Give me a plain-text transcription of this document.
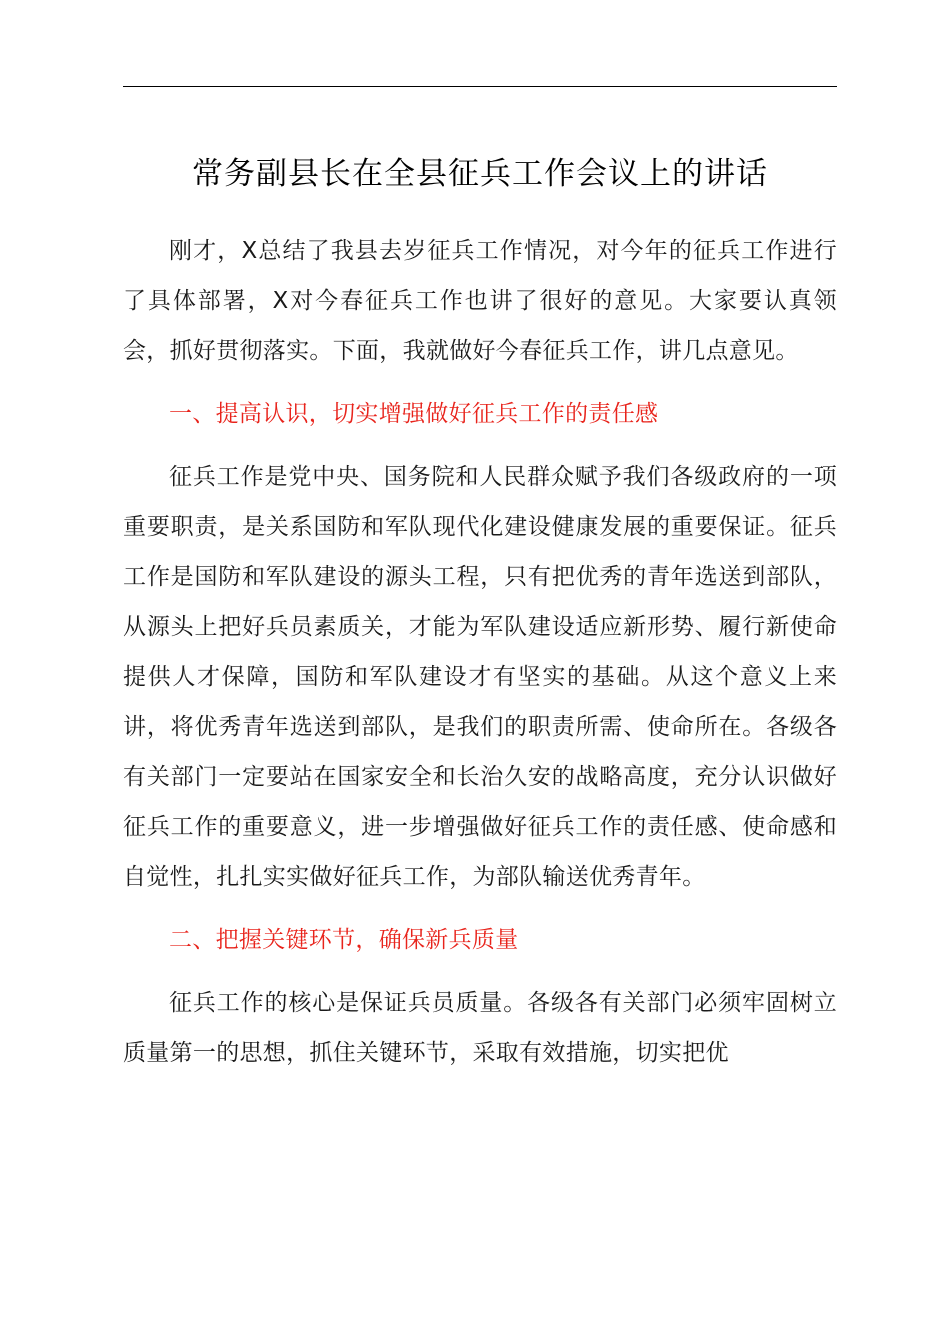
常务副县长在全县征兵工作会议上的讲话

刚才，X总结了我县去岁征兵工作情况，对今年的征兵工作进行了具体部署，X对今春征兵工作也讲了很好的意见。大家要认真领会，抓好贯彻落实。下面，我就做好今春征兵工作，讲几点意见。

一、提高认识，切实增强做好征兵工作的责任感

征兵工作是党中央、国务院和人民群众赋予我们各级政府的一项重要职责，是关系国防和军队现代化建设健康发展的重要保证。征兵工作是国防和军队建设的源头工程，只有把优秀的青年选送到部队，从源头上把好兵员素质关，才能为军队建设适应新形势、履行新使命提供人才保障，国防和军队建设才有坚实的基础。从这个意义上来讲，将优秀青年选送到部队，是我们的职责所需、使命所在。各级各有关部门一定要站在国家安全和长治久安的战略高度，充分认识做好征兵工作的重要意义，进一步增强做好征兵工作的责任感、使命感和自觉性，扎扎实实做好征兵工作，为部队输送优秀青年。

二、把握关键环节，确保新兵质量

征兵工作的核心是保证兵员质量。各级各有关部门必须牢固树立质量第一的思想，抓住关键环节，采取有效措施，切实把优
